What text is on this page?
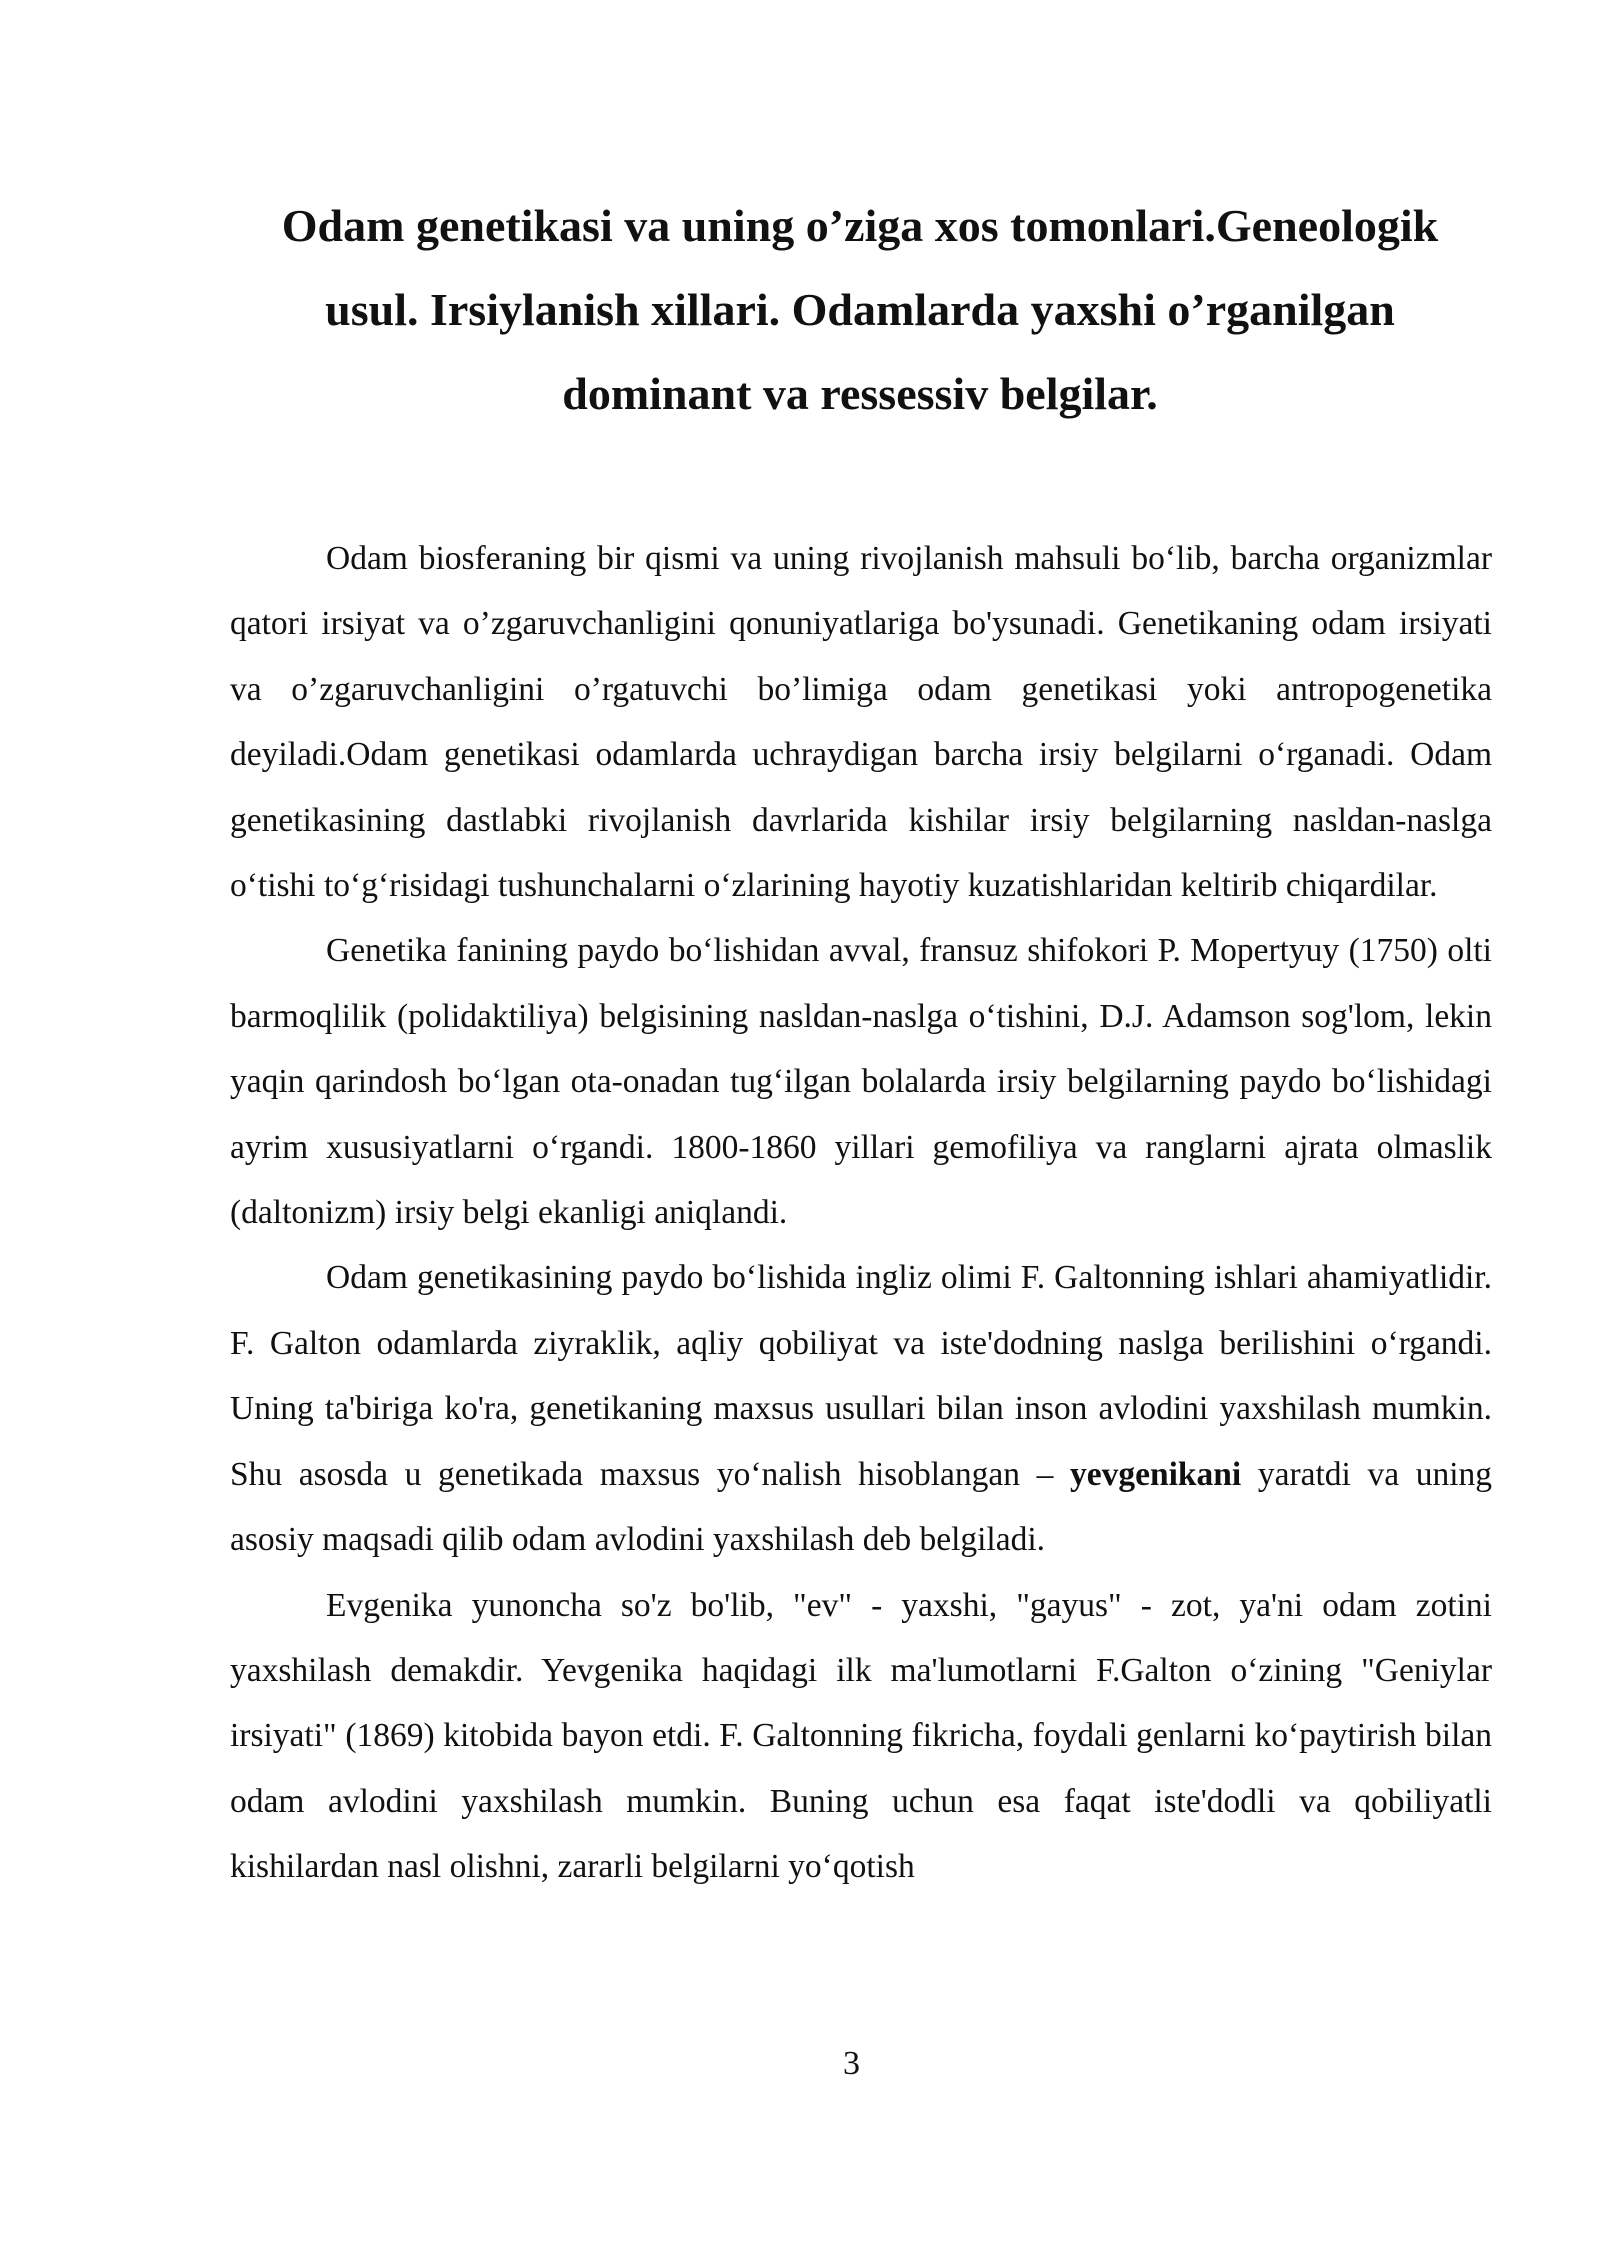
Odam genetikasi va uning o’ziga xos tomonlari.Geneologik usul. Irsiylanish xillari. Odamlarda yaxshi o’rganilgan dominant va ressessiv belgilar.

Odam biosferaning bir qismi va uning rivojlanish mahsuli bo‘lib, barcha organizmlar qatori irsiyat va o’zgaruvchanligini qonuniyatlariga bo'ysunadi. Genetikaning odam irsiyati va o’zgaruvchanligini o’rgatuvchi bo’limiga odam genetikasi yoki antropogenetika deyiladi.Odam genetikasi odamlarda uchraydigan barcha irsiy belgilarni o‘rganadi. Odam genetikasining dastlabki rivojlanish davrlarida kishilar irsiy belgilarning nasldan-naslga o‘tishi to‘g‘risidagi tushunchalarni o‘zlarining hayotiy kuzatishlaridan keltirib chiqardilar.

Genetika fanining paydo bo‘lishidan avval, fransuz shifokori P. Mopertyuy (1750) olti barmoqlilik (polidaktiliya) belgisining nasldan-naslga o‘tishini, D.J. Adamson sog'lom, lekin yaqin qarindosh bo‘lgan ota-onadan tug‘ilgan bolalarda irsiy belgilarning paydo bo‘lishidagi ayrim xususiyatlarni o‘rgandi. 1800-1860 yillari gemofiliya va ranglarni ajrata olmaslik (daltonizm) irsiy belgi ekanligi aniqlandi.

Odam genetikasining paydo bo‘lishida ingliz olimi F. Galtonning ishlari ahamiyatlidir. F. Galton odamlarda ziyraklik, aqliy qobiliyat va iste'dodning naslga berilishini o‘rgandi. Uning ta'biriga ko'ra, genetikaning maxsus usullari bilan inson avlodini yaxshilash mumkin. Shu asosda u genetikada maxsus yo‘nalish hisoblangan – yevgenikani yaratdi va uning asosiy maqsadi qilib odam avlodini yaxshilash deb belgiladi.

Evgenika yunoncha so'z bo'lib, "ev" - yaxshi, "gayus" - zot, ya'ni odam zotini yaxshilash demakdir. Yevgenika haqidagi ilk ma'lumotlarni F.Galton o‘zining "Geniylar irsiyati" (1869) kitobida bayon etdi. F. Galtonning fikricha, foydali genlarni ko‘paytirish bilan odam avlodini yaxshilash mumkin. Buning uchun esa faqat iste'dodli va qobiliyatli kishilardan nasl olishni, zararli belgilarni yo‘qotish

3
